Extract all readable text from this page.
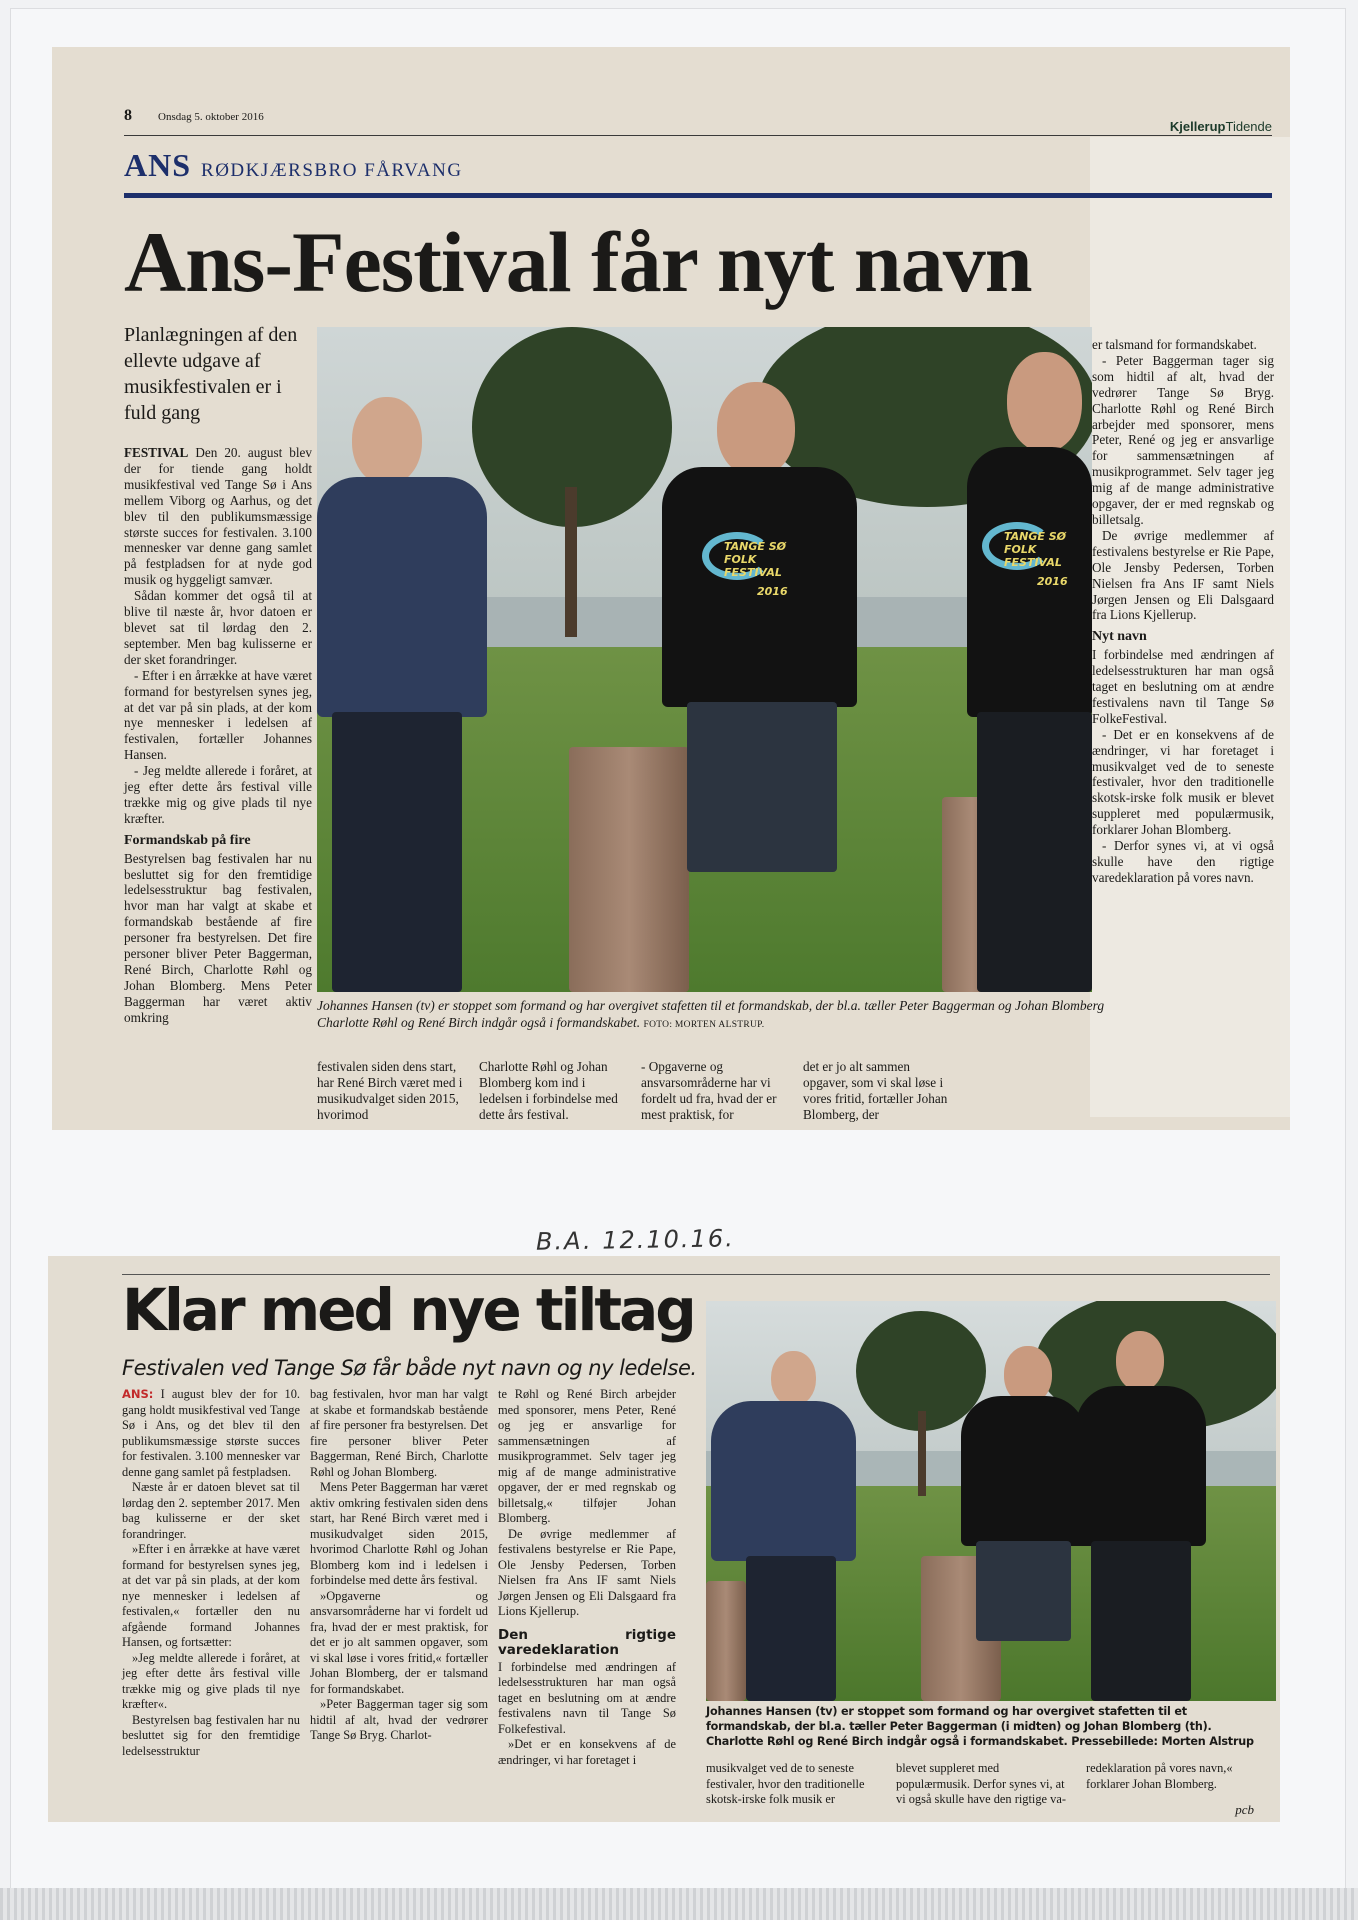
8 Onsdag 5. oktober 2016
KjellerupTidende
ANS RØDKJÆRSBRO FÅRVANG
Ans-Festival får nyt navn
Planlægningen af den ellevte udgave af musikfestivalen er i fuld gang

FESTIVAL Den 20. august blev der for tiende gang holdt musikfestival ved Tange Sø i Ans mellem Viborg og Aarhus, og det blev til den publikumsmæssige største succes for festivalen. 3.100 mennesker var denne gang samlet på festpladsen for at nyde god musik og hyggeligt samvær.

Sådan kommer det også til at blive til næste år, hvor datoen er blevet sat til lørdag den 2. september. Men bag kulisserne er der sket forandringer.

- Efter i en årrække at have været formand for bestyrelsen synes jeg, at det var på sin plads, at der kom nye mennesker i ledelsen af festivalen, fortæller Johannes Hansen.

- Jeg meldte allerede i foråret, at jeg efter dette års festival ville trække mig og give plads til nye kræfter.

Formandskab på fire

Bestyrelsen bag festivalen har nu besluttet sig for den fremtidige ledelsesstruktur bag festivalen, hvor man har valgt at skabe et formandskab bestående af fire personer fra bestyrelsen. Det fire personer bliver Peter Baggerman, René Birch, Charlotte Røhl og Johan Blomberg. Mens Peter Baggerman har været aktiv omkring

TANGE SØ FOLK FESTIVAL
2016
TANGE SØ FOLK FESTIVAL
2016
Johannes Hansen (tv) er stoppet som formand og har overgivet stafetten til et formandskab, der bl.a. tæller Peter Baggerman og Johan Blomberg Charlotte Røhl og René Birch indgår også i formandskabet. FOTO: MORTEN ALSTRUP.
festivalen siden dens start, har René Birch været med i musikudvalget siden 2015, hvorimod
Charlotte Røhl og Johan Blomberg kom ind i ledelsen i forbindelse med dette års festival.
- Opgaverne og ansvarsområderne har vi fordelt ud fra, hvad der er mest praktisk, for
det er jo alt sammen opgaver, som vi skal løse i vores fritid, fortæller Johan Blomberg, der

er talsmand for formandskabet.

- Peter Baggerman tager sig som hidtil af alt, hvad der vedrører Tange Sø Bryg. Charlotte Røhl og René Birch arbejder med sponsorer, mens Peter, René og jeg er ansvarlige for sammensætningen af musikprogrammet. Selv tager jeg mig af de mange administrative opgaver, der er med regnskab og billetsalg.

De øvrige medlemmer af festivalens bestyrelse er Rie Pape, Ole Jensby Pedersen, Torben Nielsen fra Ans IF samt Niels Jørgen Jensen og Eli Dalsgaard fra Lions Kjellerup.

Nyt navn

I forbindelse med ændringen af ledelsesstrukturen har man også taget en beslutning om at ændre festivalens navn til Tange Sø FolkeFestival.

- Det er en konsekvens af de ændringer, vi har foretaget i musikvalget ved de to seneste festivaler, hvor den traditionelle skotsk-irske folk musik er blevet suppleret med populærmusik, forklarer Johan Blomberg.

- Derfor synes vi, at vi også skulle have den rigtige varedeklaration på vores navn.

B.A. 12.10.16.
Klar med nye tiltag
Festivalen ved Tange Sø får både nyt navn og ny ledelse.

ANS: I august blev der for 10. gang holdt musikfestival ved Tange Sø i Ans, og det blev til den publikumsmæssige største succes for festivalen. 3.100 mennesker var denne gang samlet på festpladsen.

Næste år er datoen blevet sat til lørdag den 2. september 2017. Men bag kulisserne er der sket forandringer.

»Efter i en årrække at have været formand for bestyrelsen synes jeg, at det var på sin plads, at der kom nye mennesker i ledelsen af festivalen,« fortæller den nu afgående formand Johannes Hansen, og fortsætter:

»Jeg meldte allerede i foråret, at jeg efter dette års festival ville trække mig og give plads til nye kræfter«.

Bestyrelsen bag festivalen har nu besluttet sig for den fremtidige ledelsesstruktur

bag festivalen, hvor man har valgt at skabe et formandskab bestående af fire personer fra bestyrelsen. Det fire personer bliver Peter Baggerman, René Birch, Charlotte Røhl og Johan Blomberg.

Mens Peter Baggerman har været aktiv omkring festivalen siden dens start, har René Birch været med i musikudvalget siden 2015, hvorimod Charlotte Røhl og Johan Blomberg kom ind i ledelsen i forbindelse med dette års festival.

»Opgaverne og ansvarsområderne har vi fordelt ud fra, hvad der er mest praktisk, for det er jo alt sammen opgaver, som vi skal løse i vores fritid,« fortæller Johan Blomberg, der er talsmand for formandskabet.

»Peter Baggerman tager sig som hidtil af alt, hvad der vedrører Tange Sø Bryg. Charlot-

te Røhl og René Birch arbejder med sponsorer, mens Peter, René og jeg er ansvarlige for sammensætningen af musikprogrammet. Selv tager jeg mig af de mange administrative opgaver, der er med regnskab og billetsalg,« tilføjer Johan Blomberg.

De øvrige medlemmer af festivalens bestyrelse er Rie Pape, Ole Jensby Pedersen, Torben Nielsen fra Ans IF samt Niels Jørgen Jensen og Eli Dalsgaard fra Lions Kjellerup.

Den rigtige varedeklaration

I forbindelse med ændringen af ledelsesstrukturen har man også taget en beslutning om at ændre festivalens navn til Tange Sø Folkefestival.

»Det er en konsekvens af de ændringer, vi har foretaget i

Johannes Hansen (tv) er stoppet som formand og har overgivet stafetten til et formandskab, der bl.a. tæller Peter Baggerman (i midten) og Johan Blomberg (th). Charlotte Røhl og René Birch indgår også i formandskabet. Pressebillede: Morten Alstrup
musikvalget ved de to seneste festivaler, hvor den traditionelle skotsk-irske folk musik er
blevet suppleret med populærmusik. Derfor synes vi, at vi også skulle have den rigtige va-
redeklaration på vores navn,« forklarer Johan Blomberg.
pcb
